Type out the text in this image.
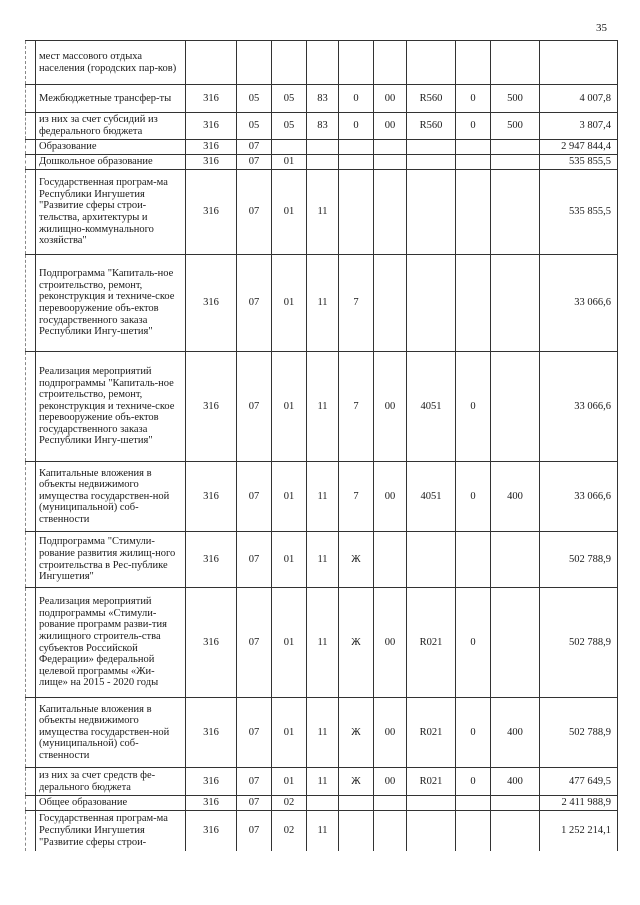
35
	мест массового отдыха населения (городских пар-ков)										
	Межбюджетные трансфер-ты	316	05	05	83	0	00	R560	0	500	4 007,8
	из них за счет субсидий из федерального бюджета	316	05	05	83	0	00	R560	0	500	3 807,4
	Образование	316	07								2 947 844,4
	Дошкольное образование	316	07	01							535 855,5
	Государственная програм-ма Республики Ингушетия "Развитие сферы строи-тельства, архитектуры и жилищно-коммунального хозяйства"	316	07	01	11						535 855,5
	Подпрограмма "Капиталь-ное строительство, ремонт, реконструкция и техниче-ское перевооружение объ-ектов государственного заказа Республики Ингу-шетия"	316	07	01	11	7					33 066,6
	Реализация мероприятий подпрограммы "Капиталь-ное строительство, ремонт, реконструкция и техниче-ское перевооружение объ-ектов государственного заказа Республики Ингу-шетия"	316	07	01	11	7	00	4051	0		33 066,6
	Капитальные вложения в объекты недвижимого имущества государствен-ной (муниципальной) соб-ственности	316	07	01	11	7	00	4051	0	400	33 066,6
	Подпрограмма "Стимули-рование развития жилищ-ного строительства в Рес-публике Ингушетия"	316	07	01	11	Ж					502 788,9
	Реализация мероприятий подпрограммы «Стимули-рование программ разви-тия жилищного строитель-ства субъектов Российской Федерации» федеральной целевой программы «Жи-лище» на 2015 - 2020 годы	316	07	01	11	Ж	00	R021	0		502 788,9
	Капитальные вложения в объекты недвижимого имущества государствен-ной (муниципальной) соб-ственности	316	07	01	11	Ж	00	R021	0	400	502 788,9
	из них за счет средств фе-дерального бюджета	316	07	01	11	Ж	00	R021	0	400	477 649,5
	Общее образование	316	07	02							2 411 988,9
	Государственная програм-ма Республики Ингушетия "Развитие сферы строи-	316	07	02	11						1 252 214,1
